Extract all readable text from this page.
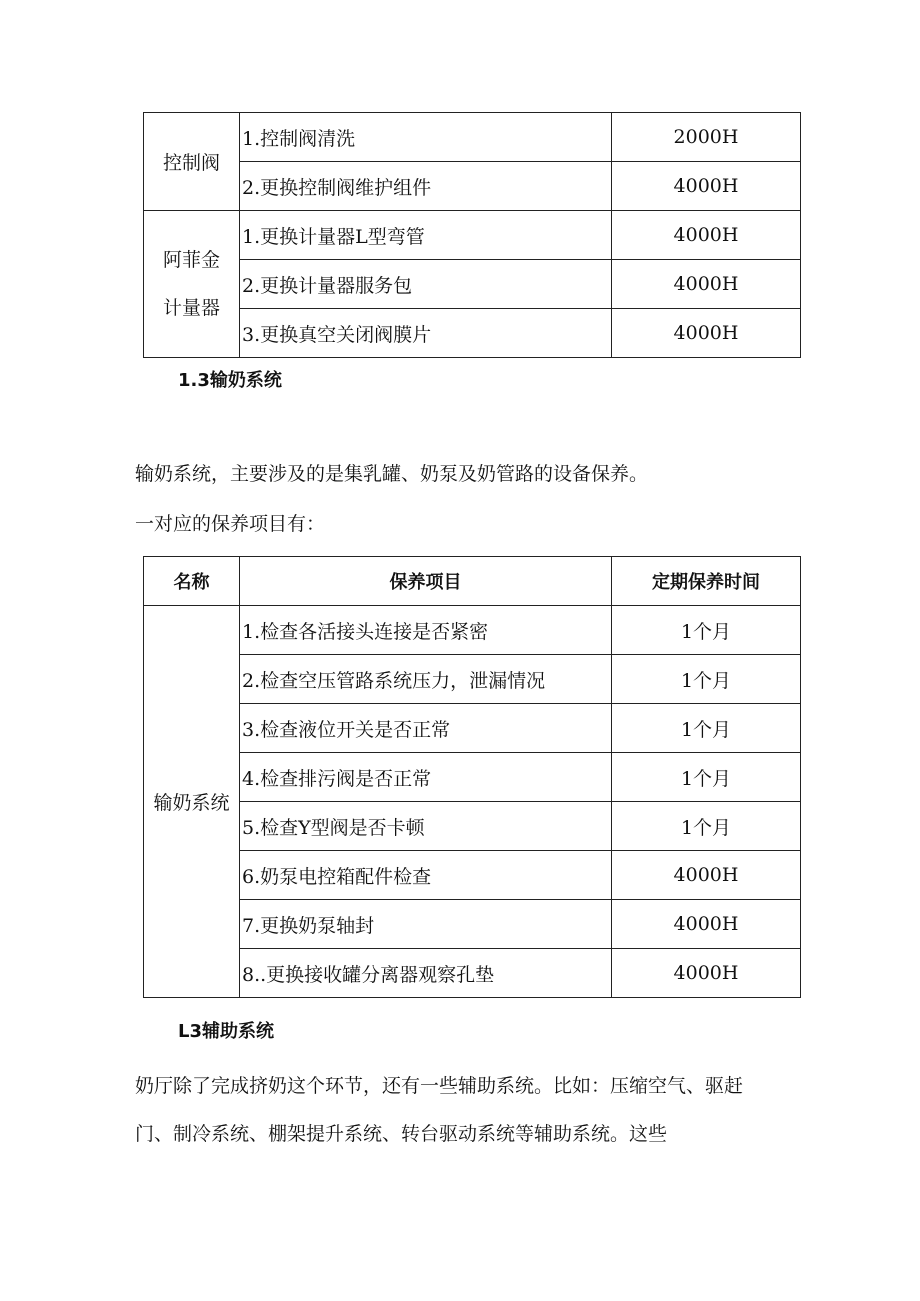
控制阀	1.控制阀清洗	2000H
	2.更换控制阀维护组件	4000H

阿菲金
计量器	1.更换计量器L型弯管	4000H
	2.更换计量器服务包	4000H
	3.更换真空关闭阀膜片	4000H
1.3输奶系统
输奶系统，主要涉及的是集乳罐、奶泵及奶管路的设备保养。
一对应的保养项目有：
名称	保养项目	定期保养时间
输奶系统	1.检查各活接头连接是否紧密	1个月
	2.检查空压管路系统压力，泄漏情况	1个月
	3.检查液位开关是否正常	1个月
	4.检查排污阀是否正常	1个月
	5.检查Y型阀是否卡顿	1个月
	6.奶泵电控箱配件检查	4000H
	7.更换奶泵轴封	4000H
	8..更换接收罐分离器观察孔垫	4000H
L3辅助系统
奶厅除了完成挤奶这个环节，还有一些辅助系统。比如：压缩空气、驱赶
门、制冷系统、棚架提升系统、转台驱动系统等辅助系统。这些
